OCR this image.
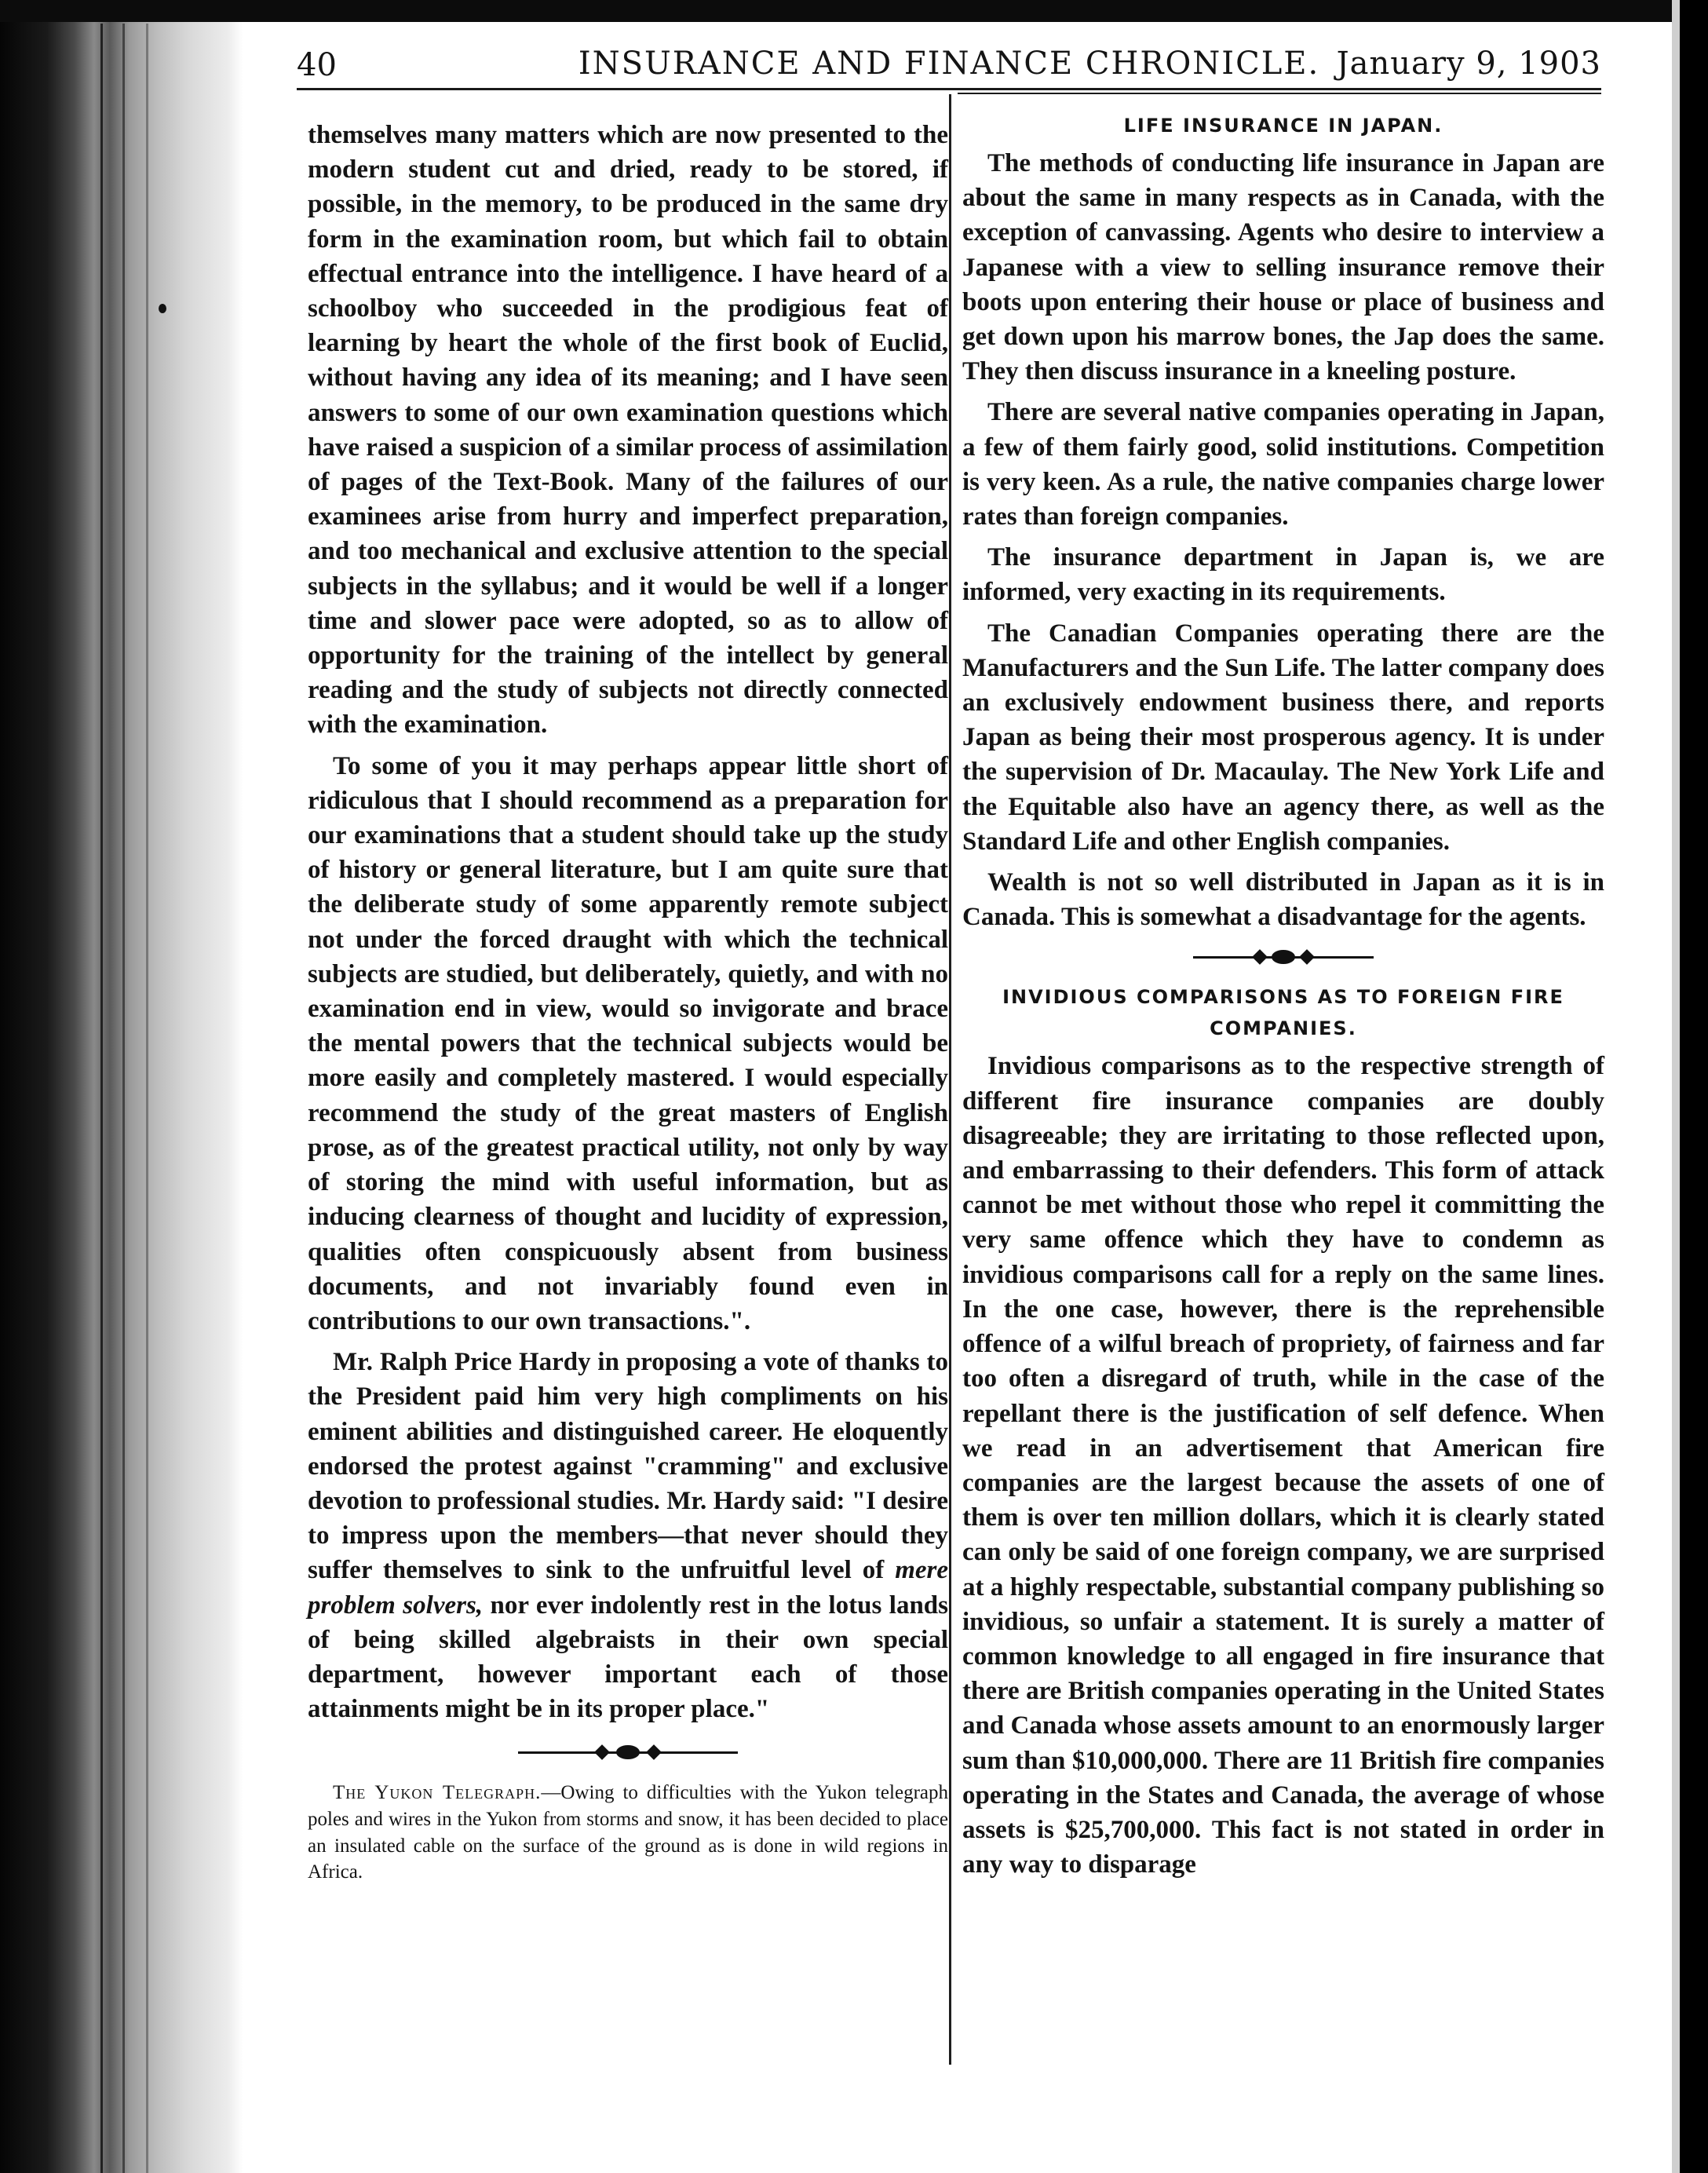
40	INSURANCE AND FINANCE CHRONICLE. January 9, 1903

themselves many matters which are now presented to the modern student cut and dried, ready to be stored, if possible, in the memory, to be produced in the same dry form in the examination room, but which fail to obtain effectual entrance into the intelligence. I have heard of a schoolboy who succeeded in the prodigious feat of learning by heart the whole of the first book of Euclid, without having any idea of its meaning; and I have seen answers to some of our own examination questions which have raised a suspicion of a similar process of assimilation of pages of the Text-Book. Many of the failures of our examinees arise from hurry and imperfect preparation, and too mechanical and exclusive attention to the special subjects in the syllabus; and it would be well if a longer time and slower pace were adopted, so as to allow of opportunity for the training of the intellect by general reading and the study of subjects not directly connected with the examination.

To some of you it may perhaps appear little short of ridiculous that I should recommend as a preparation for our examinations that a student should take up the study of history or general literature, but I am quite sure that the deliberate study of some apparently remote subject not under the forced draught with which the technical subjects are studied, but deliberately, quietly, and with no examination end in view, would so invigorate and brace the mental powers that the technical subjects would be more easily and completely mastered. I would especially recommend the study of the great masters of English prose, as of the greatest practical utility, not only by way of storing the mind with useful information, but as inducing clearness of thought and lucidity of expression, qualities often conspicuously absent from business documents, and not invariably found even in contributions to our own transactions.".

Mr. Ralph Price Hardy in proposing a vote of thanks to the President paid him very high compliments on his eminent abilities and distinguished career. He eloquently endorsed the protest against "cramming" and exclusive devotion to professional studies. Mr. Hardy said: "I desire to impress upon the members—that never should they suffer themselves to sink to the unfruitful level of mere problem solvers, nor ever indolently rest in the lotus lands of being skilled algebraists in their own special department, however important each of those attainments might be in its proper place."

The Yukon Telegraph.—Owing to difficulties with the Yukon telegraph poles and wires in the Yukon from storms and snow, it has been decided to place an insulated cable on the surface of the ground as is done in wild regions in Africa.

LIFE INSURANCE IN JAPAN.

The methods of conducting life insurance in Japan are about the same in many respects as in Canada, with the exception of canvassing. Agents who desire to interview a Japanese with a view to selling insurance remove their boots upon entering their house or place of business and get down upon his marrow bones, the Jap does the same. They then discuss insurance in a kneeling posture.

There are several native companies operating in Japan, a few of them fairly good, solid institutions. Competition is very keen. As a rule, the native companies charge lower rates than foreign companies.

The insurance department in Japan is, we are informed, very exacting in its requirements.

The Canadian Companies operating there are the Manufacturers and the Sun Life. The latter company does an exclusively endowment business there, and reports Japan as being their most prosperous agency. It is under the supervision of Dr. Macaulay. The New York Life and the Equitable also have an agency there, as well as the Standard Life and other English companies.

Wealth is not so well distributed in Japan as it is in Canada. This is somewhat a disadvantage for the agents.

INVIDIOUS COMPARISONS AS TO FOREIGN FIRE
COMPANIES.

Invidious comparisons as to the respective strength of different fire insurance companies are doubly disagreeable; they are irritating to those reflected upon, and embarrassing to their defenders. This form of attack cannot be met without those who repel it committing the very same offence which they have to condemn as invidious comparisons call for a reply on the same lines. In the one case, however, there is the reprehensible offence of a wilful breach of propriety, of fairness and far too often a disregard of truth, while in the case of the repellant there is the justification of self defence. When we read in an advertisement that American fire companies are the largest because the assets of one of them is over ten million dollars, which it is clearly stated can only be said of one foreign company, we are surprised at a highly respectable, substantial company publishing so invidious, so unfair a statement. It is surely a matter of common knowledge to all engaged in fire insurance that there are British companies operating in the United States and Canada whose assets amount to an enormously larger sum than $10,000,000. There are 11 British fire companies operating in the States and Canada, the average of whose assets is $25,700,000. This fact is not stated in order in any way to disparage
